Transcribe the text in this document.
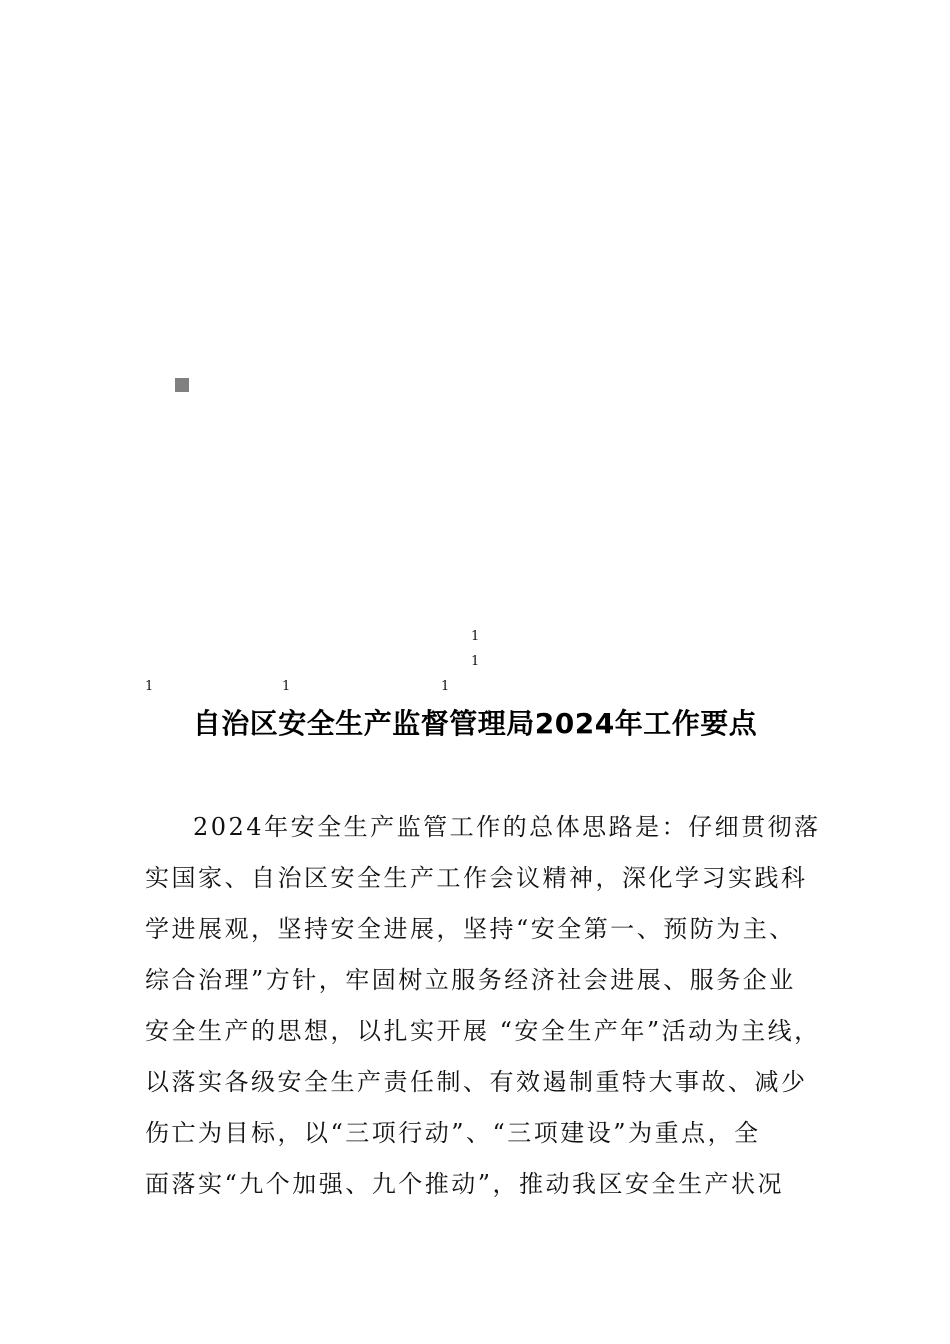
1
1
1	1	1
自治区安全生产监督管理局2024年工作要点
2024年安全生产监管工作的总体思路是：仔细贯彻落
实国家、自治区安全生产工作会议精神，深化学习实践科
学进展观，坚持安全进展，坚持“安全第一、预防为主、
综合治理”方针，牢固树立服务经济社会进展、服务企业
安全生产的思想，以扎实开展 “安全生产年”活动为主线，
以落实各级安全生产责任制、有效遏制重特大事故、减少
伤亡为目标，以“三项行动”、“三项建设”为重点，全
面落实“九个加强、九个推动”，推动我区安全生产状况
